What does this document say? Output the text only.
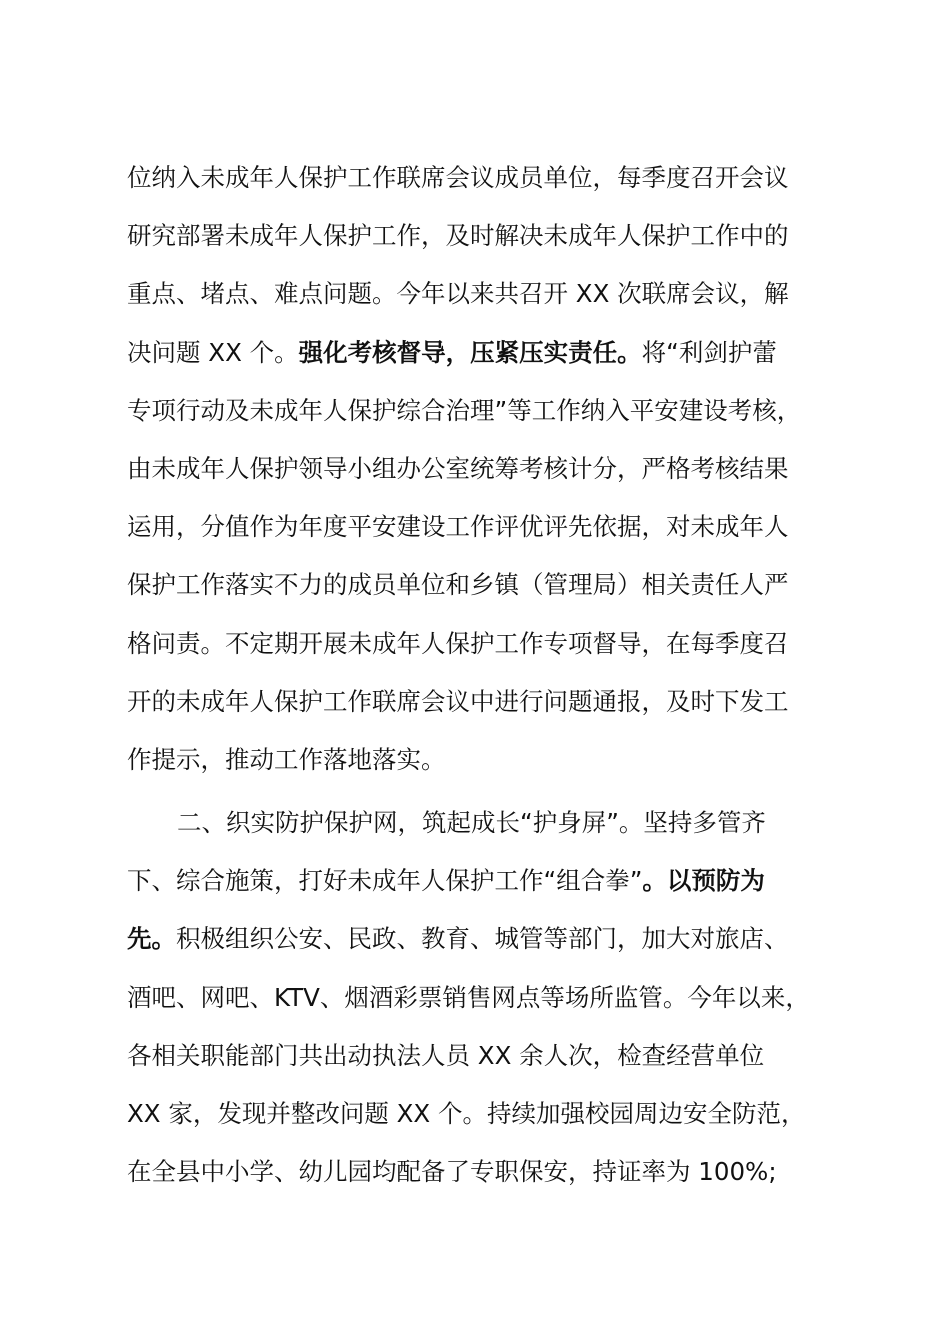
位纳入未成年人保护工作联席会议成员单位，每季度召开会议
研究部署未成年人保护工作，及时解决未成年人保护工作中的
重点、堵点、难点问题。今年以来共召开 XX 次联席会议，解
决问题 XX 个。强化考核督导，压紧压实责任。将“利剑护蕾
专项行动及未成年人保护综合治理”等工作纳入平安建设考核，
由未成年人保护领导小组办公室统筹考核计分，严格考核结果
运用，分值作为年度平安建设工作评优评先依据，对未成年人
保护工作落实不力的成员单位和乡镇（管理局）相关责任人严
格问责。不定期开展未成年人保护工作专项督导，在每季度召
开的未成年人保护工作联席会议中进行问题通报，及时下发工
作提示，推动工作落地落实。
二、织实防护保护网，筑起成长“护身屏”。坚持多管齐
下、综合施策，打好未成年人保护工作“组合拳”。以预防为
先。积极组织公安、民政、教育、城管等部门，加大对旅店、
酒吧、网吧、KTV、烟酒彩票销售网点等场所监管。今年以来，
各相关职能部门共出动执法人员 XX 余人次，检查经营单位
XX 家，发现并整改问题 XX 个。持续加强校园周边安全防范，
在全县中小学、幼儿园均配备了专职保安，持证率为 100%;
